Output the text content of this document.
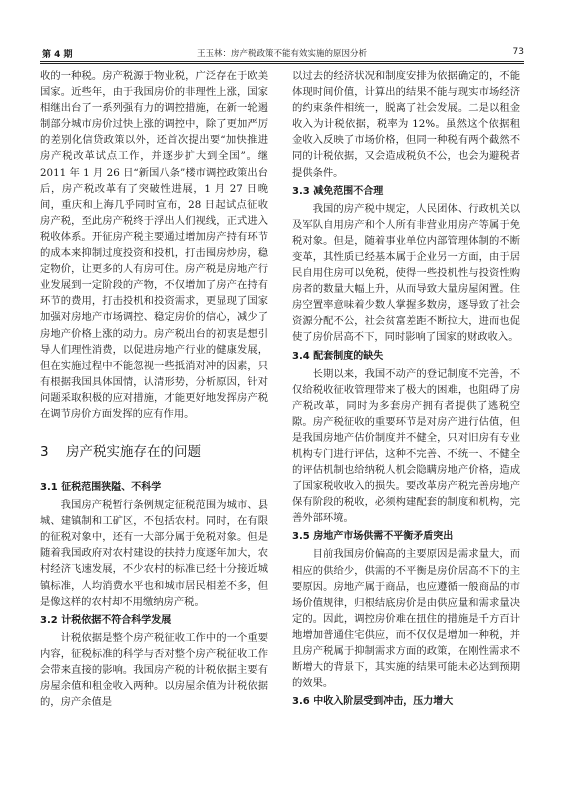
第 4 期	王玉林：房产税政策不能有效实施的原因分析	73

收的一种税。房产税源于物业税，广泛存在于欧美国家。近些年，由于我国房价的非理性上涨，国家相继出台了一系列强有力的调控措施，在新一轮遏制部分城市房价过快上涨的调控中，除了更加严厉的差别化信贷政策以外，还首次提出要“加快推进房产税改革试点工作，并逐步扩大到全国”。继 2011 年 1 月 26 日“新国八条”楼市调控政策出台后，房产税改革有了突破性进展，1 月 27 日晚间，重庆和上海几乎同时宣布，28 日起试点征收房产税，至此房产税终于浮出人们视线，正式进入税收体系。开征房产税主要通过增加房产持有环节的成本来抑制过度投资和投机，打击囤房炒房，稳定物价，让更多的人有房可住。房产税是房地产行业发展到一定阶段的产物，不仅增加了房产在持有环节的费用，打击投机和投资需求，更显现了国家加强对房地产市场调控、稳定房价的信心，减少了房地产价格上涨的动力。房产税出台的初衷是想引导人们理性消费，以促进房地产行业的健康发展，但在实施过程中不能忽视一些抵消对冲的因素，只有根据我国具体国情，认清形势，分析原因，针对问题采取积极的应对措施，才能更好地发挥房产税在调节房价方面发挥的应有作用。

3 房产税实施存在的问题
3.1 征税范围狭隘、不科学

我国房产税暂行条例规定征税范围为城市、县城、建镇制和工矿区，不包括农村。同时，在有限的征税对象中，还有一大部分属于免税对象。但是随着我国政府对农村建设的扶持力度逐年加大，农村经济飞速发展，不少农村的标准已经十分接近城镇标准，人均消费水平也和城市居民相差不多，但是像这样的农村却不用缴纳房产税。

3.2 计税依据不符合科学发展

计税依据是整个房产税征收工作中的一个重要内容，征税标准的科学与否对整个房产税征收工作会带来直接的影响。我国房产税的计税依据主要有房屋余值和租金收入两种。以房屋余值为计税依据的，房产余值是

以过去的经济状况和制度安排为依据确定的，不能体现时间价值，计算出的结果不能与现实市场经济的约束条件相统一，脱离了社会发展。二是以租金收入为计税依据，税率为 12%。虽然这个依据租金收入反映了市场价格，但同一种税有两个截然不同的计税依据，又会造成税负不公，也会为避税者提供条件。

3.3 减免范围不合理

我国的房产税中规定，人民团体、行政机关以及军队自用房产和个人所有非营业用房产等属于免税对象。但是，随着事业单位内部管理体制的不断变革，其性质已经基本属于企业另一方面，由于居民自用住房可以免税，使得一些投机性与投资性购房者的数量大幅上升，从而导致大量房屋闲置。住房空置率意味着少数人掌握多数房，逐导致了社会资源分配不公，社会贫富差距不断拉大，进而也促使了房价居高不下，同时影响了国家的财政收入。

3.4 配套制度的缺失

长期以来，我国不动产的登记制度不完善，不仅给税收征收管理带来了极大的困难，也阻碍了房产税改革，同时为多套房产拥有者提供了逃税空隙。房产税征收的重要环节是对房产进行估值，但是我国房地产估价制度并不健全，只对旧房有专业机构专门进行评估，这种不完善、不统一、不健全的评估机制也给纳税人机会隐瞒房地产价格，造成了国家税收收入的损失。要改革房产税完善房地产保有阶段的税收，必须构建配套的制度和机构，完善外部环境。

3.5 房地产市场供需不平衡矛盾突出

目前我国房价偏高的主要原因是需求量大，而相应的供给少，供需的不平衡是房价居高不下的主要原因。房地产属于商品，也应遵循一般商品的市场价值规律，归根结底房价是由供应量和需求量决定的。因此，调控房价难在扭住的措施是千方百计地增加普通住宅供应，而不仅仅是增加一种税，并且房产税属于抑制需求方面的政策，在刚性需求不断增大的背景下，其实施的结果可能未必达到预期的效果。

3.6 中收入阶层受到冲击，压力增大
